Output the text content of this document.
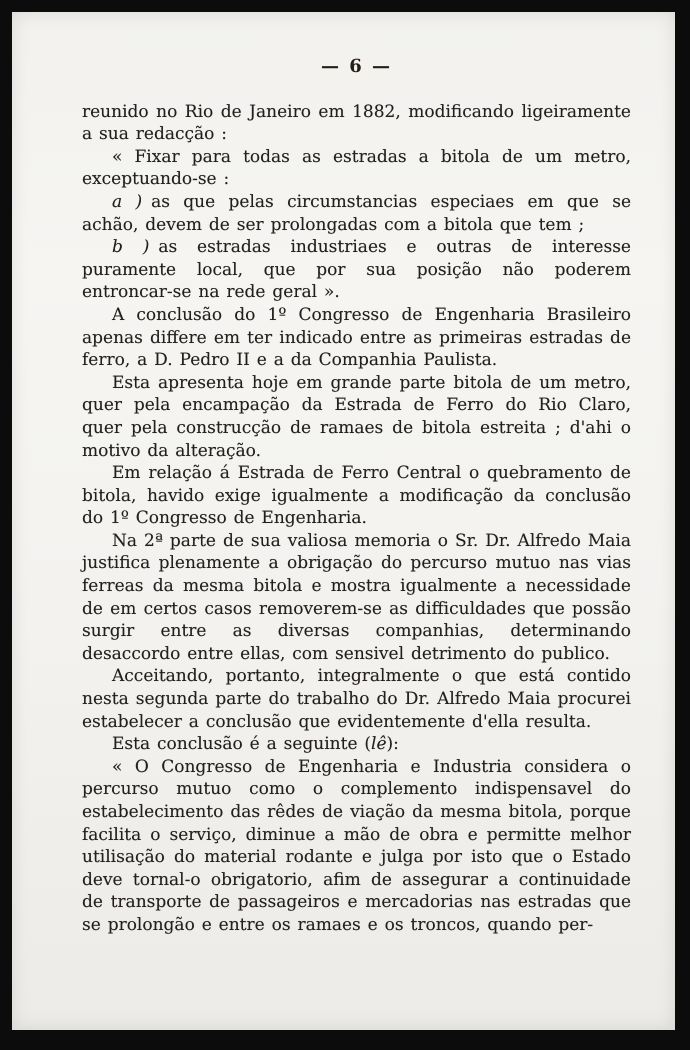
— 6 —

reunido no Rio de Janeiro em 1882, modificando ligeiramente a sua redacção :

« Fixar para todas as estradas a bitola de um metro, exceptuando-se :

a ) as que pelas circumstancias especiaes em que se achão, devem de ser prolongadas com a bitola que tem ;

b ) as estradas industriaes e outras de interesse puramente local, que por sua posição não poderem entroncar-se na rede geral ».

A conclusão do 1º Congresso de Engenharia Brasileiro apenas differe em ter indicado entre as primeiras estradas de ferro, a D. Pedro II e a da Companhia Paulista.

Esta apresenta hoje em grande parte bitola de um metro, quer pela encampação da Estrada de Ferro do Rio Claro, quer pela construcção de ramaes de bitola estreita ; d'ahi o motivo da alteração.

Em relação á Estrada de Ferro Central o quebramento de bitola, havido exige igualmente a modificação da conclusão do 1º Congresso de Engenharia.

Na 2ª parte de sua valiosa memoria o Sr. Dr. Alfredo Maia justifica plenamente a obrigação do percurso mutuo nas vias ferreas da mesma bitola e mostra igualmente a necessidade de em certos casos removerem-se as difficuldades que possão surgir entre as diversas companhias, determinando desaccordo entre ellas, com sensivel detrimento do publico.

Acceitando, portanto, integralmente o que está contido nesta segunda parte do trabalho do Dr. Alfredo Maia procurei estabelecer a conclusão que evidentemente d'ella resulta.

Esta conclusão é a seguinte (lê):

« O Congresso de Engenharia e Industria considera o percurso mutuo como o complemento indispensavel do estabelecimento das rêdes de viação da mesma bitola, porque facilita o serviço, diminue a mão de obra e permitte melhor utilisação do material rodante e julga por isto que o Estado deve tornal-o obrigatorio, afim de assegurar a continuidade de transporte de passageiros e mercadorias nas estradas que se prolongão e entre os ramaes e os troncos, quando per-
